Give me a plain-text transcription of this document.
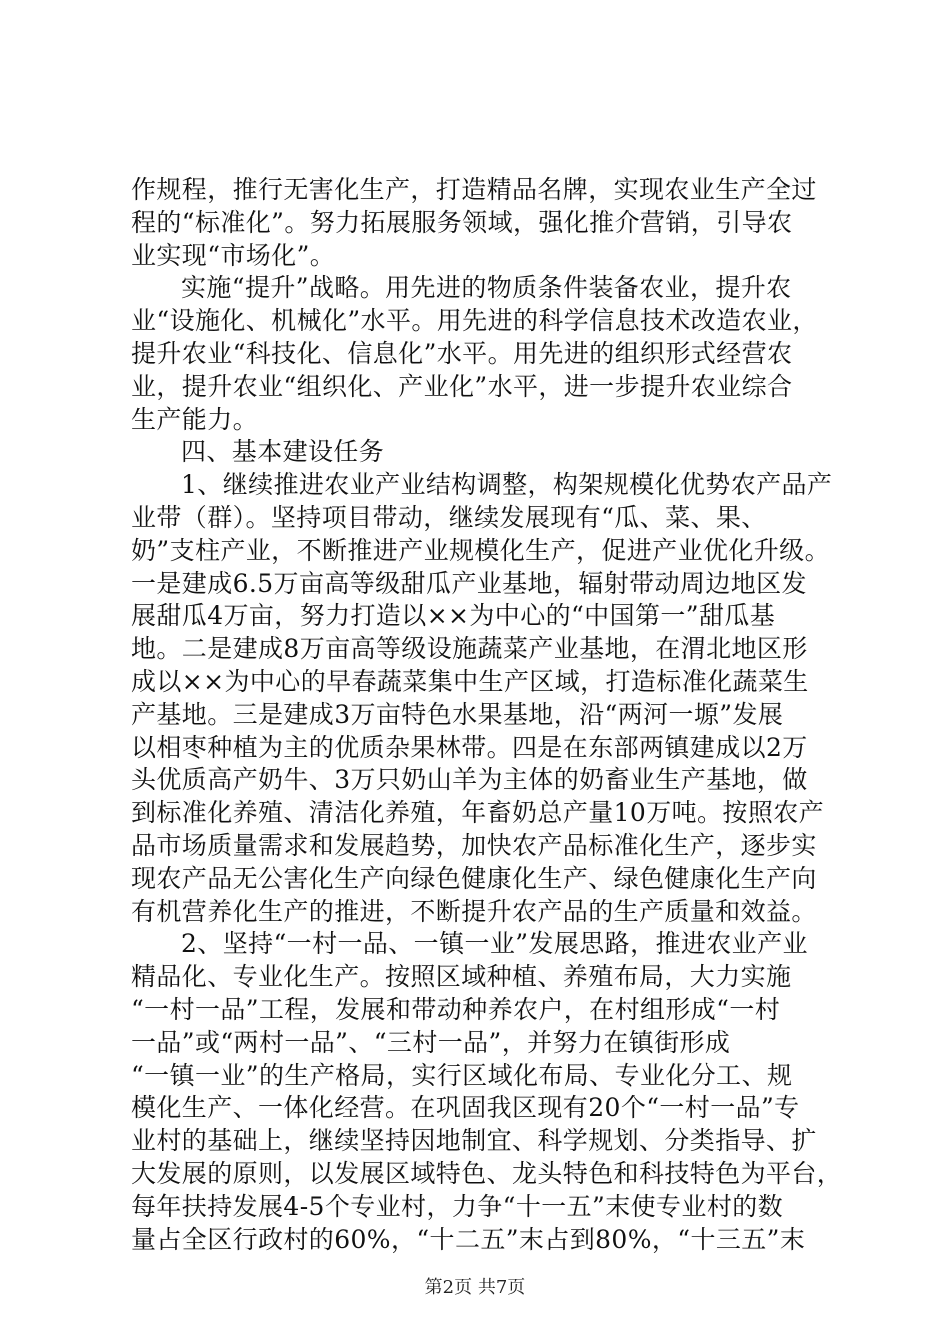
作规程，推行无害化生产，打造精品名牌，实现农业生产全过
程的“标准化”。努力拓展服务领域，强化推介营销，引导农
业实现“市场化”。
实施“提升”战略。用先进的物质条件装备农业，提升农
业“设施化、机械化”水平。用先进的科学信息技术改造农业，
提升农业“科技化、信息化”水平。用先进的组织形式经营农
业，提升农业“组织化、产业化”水平，进一步提升农业综合
生产能力。
四、基本建设任务
1、继续推进农业产业结构调整，构架规模化优势农产品产
业带（群）。坚持项目带动，继续发展现有“瓜、菜、果、
奶”支柱产业，不断推进产业规模化生产，促进产业优化升级。
一是建成6.5万亩高等级甜瓜产业基地，辐射带动周边地区发
展甜瓜4万亩，努力打造以××为中心的“中国第一”甜瓜基
地。二是建成8万亩高等级设施蔬菜产业基地，在渭北地区形
成以××为中心的早春蔬菜集中生产区域，打造标准化蔬菜生
产基地。三是建成3万亩特色水果基地，沿“两河一塬”发展
以相枣种植为主的优质杂果林带。四是在东部两镇建成以2万
头优质高产奶牛、3万只奶山羊为主体的奶畜业生产基地，做
到标准化养殖、清洁化养殖，年畜奶总产量10万吨。按照农产
品市场质量需求和发展趋势，加快农产品标准化生产，逐步实
现农产品无公害化生产向绿色健康化生产、绿色健康化生产向
有机营养化生产的推进，不断提升农产品的生产质量和效益。
2、坚持“一村一品、一镇一业”发展思路，推进农业产业
精品化、专业化生产。按照区域种植、养殖布局，大力实施
“一村一品”工程，发展和带动种养农户，在村组形成“一村
一品”或“两村一品”、“三村一品”，并努力在镇街形成
“一镇一业”的生产格局，实行区域化布局、专业化分工、规
模化生产、一体化经营。在巩固我区现有20个“一村一品”专
业村的基础上，继续坚持因地制宜、科学规划、分类指导、扩
大发展的原则，以发展区域特色、龙头特色和科技特色为平台，
每年扶持发展4-5个专业村，力争“十一五”末使专业村的数
量占全区行政村的60%，“十二五”末占到80%，“十三五”末
第2页 共7页
